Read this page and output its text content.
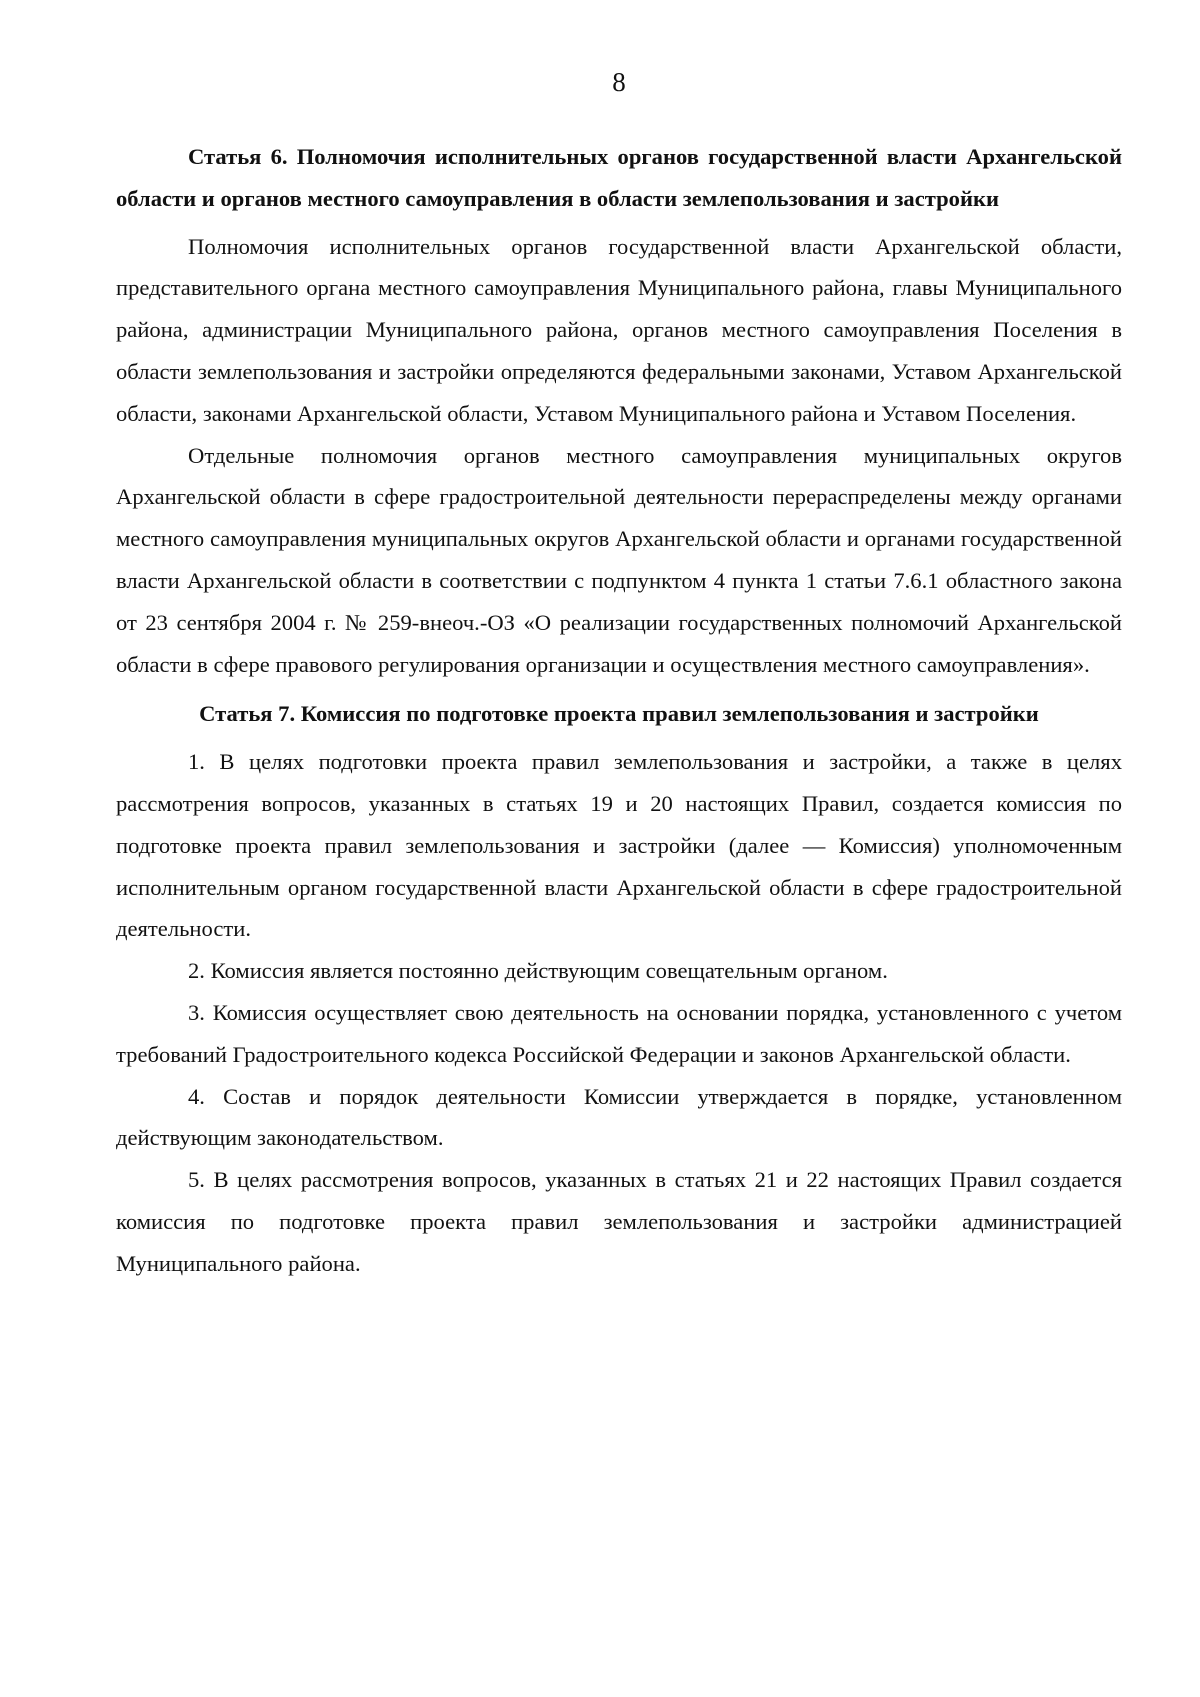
8

Статья 6. Полномочия исполнительных органов государственной власти Архангельской области и органов местного самоуправления в области землепользования и застройки

Полномочия исполнительных органов государственной власти Архангельской области, представительного органа местного самоуправления Муниципального района, главы Муниципального района, администрации Муниципального района, органов местного самоуправления Поселения в области землепользования и застройки определяются федеральными законами, Уставом Архангельской области, законами Архангельской области, Уставом Муниципального района и Уставом Поселения.

Отдельные полномочия органов местного самоуправления муниципальных округов Архангельской области в сфере градостроительной деятельности перераспределены между органами местного самоуправления муниципальных округов Архангельской области и органами государственной власти Архангельской области в соответствии с подпунктом 4 пункта 1 статьи 7.6.1 областного закона от 23 сентября 2004 г. № 259-внеоч.-ОЗ «О реализации государственных полномочий Архангельской области в сфере правового регулирования организации и осуществления местного самоуправления».

Статья 7. Комиссия по подготовке проекта правил землепользования и застройки

1. В целях подготовки проекта правил землепользования и застройки, а также в целях рассмотрения вопросов, указанных в статьях 19 и 20 настоящих Правил, создается комиссия по подготовке проекта правил землепользования и застройки (далее — Комиссия) уполномоченным исполнительным органом государственной власти Архангельской области в сфере градостроительной деятельности.

2. Комиссия является постоянно действующим совещательным органом.

3. Комиссия осуществляет свою деятельность на основании порядка, установленного с учетом требований Градостроительного кодекса Российской Федерации и законов Архангельской области.

4. Состав и порядок деятельности Комиссии утверждается в порядке, установленном действующим законодательством.

5. В целях рассмотрения вопросов, указанных в статьях 21 и 22 настоящих Правил создается комиссия по подготовке проекта правил землепользования и застройки администрацией Муниципального района.
